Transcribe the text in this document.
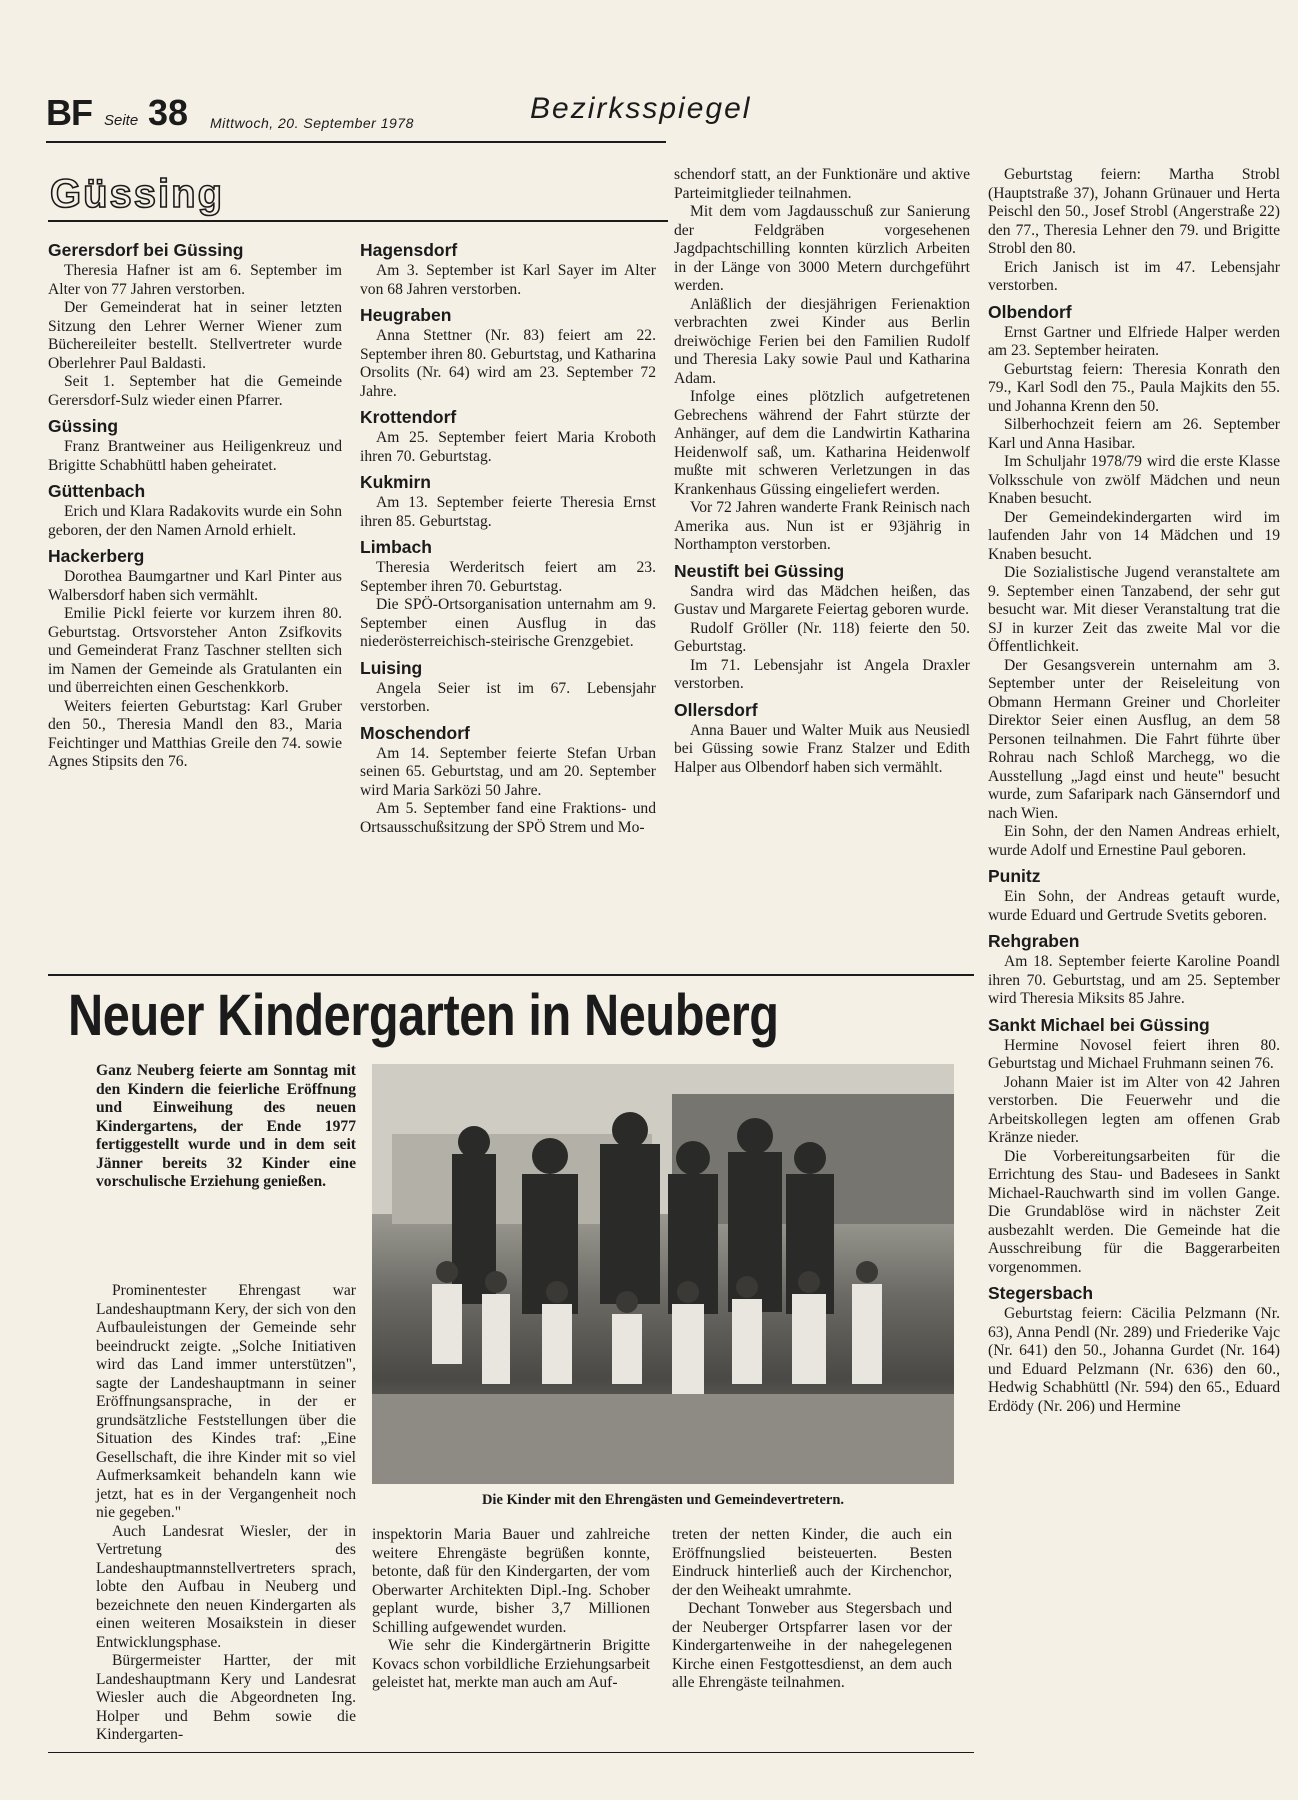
BF Seite 38 Mittwoch, 20. September 1978	Bezirksspiegel
Güssing
Gerersdorf bei Güssing

Theresia Hafner ist am 6. September im Alter von 77 Jahren verstorben.

Der Gemeinderat hat in seiner letzten Sitzung den Lehrer Werner Wiener zum Büchereileiter bestellt. Stellvertreter wurde Oberlehrer Paul Baldasti.

Seit 1. September hat die Gemeinde Gerersdorf-Sulz wieder einen Pfarrer.

Güssing

Franz Brantweiner aus Heiligenkreuz und Brigitte Schabhüttl haben geheiratet.

Güttenbach

Erich und Klara Radakovits wurde ein Sohn geboren, der den Namen Arnold erhielt.

Hackerberg

Dorothea Baumgartner und Karl Pinter aus Walbersdorf haben sich vermählt.

Emilie Pickl feierte vor kurzem ihren 80. Geburtstag. Ortsvorsteher Anton Zsifkovits und Gemeinderat Franz Taschner stellten sich im Namen der Gemeinde als Gratulanten ein und überreichten einen Geschenkkorb.

Weiters feierten Geburtstag: Karl Gruber den 50., Theresia Mandl den 83., Maria Feichtinger und Matthias Greile den 74. sowie Agnes Stipsits den 76.

Hagensdorf

Am 3. September ist Karl Sayer im Alter von 68 Jahren verstorben.

Heugraben

Anna Stettner (Nr. 83) feiert am 22. September ihren 80. Geburtstag, und Katharina Orsolits (Nr. 64) wird am 23. September 72 Jahre.

Krottendorf

Am 25. September feiert Maria Kroboth ihren 70. Geburtstag.

Kukmirn

Am 13. September feierte Theresia Ernst ihren 85. Geburtstag.

Limbach

Theresia Werderitsch feiert am 23. September ihren 70. Geburtstag.

Die SPÖ-Ortsorganisation unternahm am 9. September einen Ausflug in das niederösterreichisch-steirische Grenzgebiet.

Luising

Angela Seier ist im 67. Lebensjahr verstorben.

Moschendorf

Am 14. September feierte Stefan Urban seinen 65. Geburtstag, und am 20. September wird Maria Sarközi 50 Jahre.

Am 5. September fand eine Fraktions- und Ortsausschußsitzung der SPÖ Strem und Mo-

schendorf statt, an der Funktionäre und aktive Parteimitglieder teilnahmen.

Mit dem vom Jagdausschuß zur Sanierung der Feldgräben vorgesehenen Jagdpachtschilling konnten kürzlich Arbeiten in der Länge von 3000 Metern durchgeführt werden.

Anläßlich der diesjährigen Ferienaktion verbrachten zwei Kinder aus Berlin dreiwöchige Ferien bei den Familien Rudolf und Theresia Laky sowie Paul und Katharina Adam.

Infolge eines plötzlich aufgetretenen Gebrechens während der Fahrt stürzte der Anhänger, auf dem die Landwirtin Katharina Heidenwolf saß, um. Katharina Heidenwolf mußte mit schweren Verletzungen in das Krankenhaus Güssing eingeliefert werden.

Vor 72 Jahren wanderte Frank Reinisch nach Amerika aus. Nun ist er 93jährig in Northampton verstorben.

Neustift bei Güssing

Sandra wird das Mädchen heißen, das Gustav und Margarete Feiertag geboren wurde.

Rudolf Gröller (Nr. 118) feierte den 50. Geburtstag.

Im 71. Lebensjahr ist Angela Draxler verstorben.

Ollersdorf

Anna Bauer und Walter Muik aus Neusiedl bei Güssing sowie Franz Stalzer und Edith Halper aus Olbendorf haben sich vermählt.

Geburtstag feiern: Martha Strobl (Hauptstraße 37), Johann Grünauer und Herta Peischl den 50., Josef Strobl (Angerstraße 22) den 77., Theresia Lehner den 79. und Brigitte Strobl den 80.

Erich Janisch ist im 47. Lebensjahr verstorben.

Olbendorf

Ernst Gartner und Elfriede Halper werden am 23. September heiraten.

Geburtstag feiern: Theresia Konrath den 79., Karl Sodl den 75., Paula Majkits den 55. und Johanna Krenn den 50.

Silberhochzeit feiern am 26. September Karl und Anna Hasibar.

Im Schuljahr 1978/79 wird die erste Klasse Volksschule von zwölf Mädchen und neun Knaben besucht.

Der Gemeindekindergarten wird im laufenden Jahr von 14 Mädchen und 19 Knaben besucht.

Die Sozialistische Jugend veranstaltete am 9. September einen Tanzabend, der sehr gut besucht war. Mit dieser Veranstaltung trat die SJ in kurzer Zeit das zweite Mal vor die Öffentlichkeit.

Der Gesangsverein unternahm am 3. September unter der Reiseleitung von Obmann Hermann Greiner und Chorleiter Direktor Seier einen Ausflug, an dem 58 Personen teilnahmen. Die Fahrt führte über Rohrau nach Schloß Marchegg, wo die Ausstellung „Jagd einst und heute" besucht wurde, zum Safaripark nach Gänserndorf und nach Wien.

Ein Sohn, der den Namen Andreas erhielt, wurde Adolf und Ernestine Paul geboren.

Punitz

Ein Sohn, der Andreas getauft wurde, wurde Eduard und Gertrude Svetits geboren.

Rehgraben

Am 18. September feierte Karoline Poandl ihren 70. Geburtstag, und am 25. September wird Theresia Miksits 85 Jahre.

Sankt Michael bei Güssing

Hermine Novosel feiert ihren 80. Geburtstag und Michael Fruhmann seinen 76.

Johann Maier ist im Alter von 42 Jahren verstorben. Die Feuerwehr und die Arbeitskollegen legten am offenen Grab Kränze nieder.

Die Vorbereitungsarbeiten für die Errichtung des Stau- und Badesees in Sankt Michael-Rauchwarth sind im vollen Gange. Die Grundablöse wird in nächster Zeit ausbezahlt werden. Die Gemeinde hat die Ausschreibung für die Baggerarbeiten vorgenommen.

Stegersbach

Geburtstag feiern: Cäcilia Pelzmann (Nr. 63), Anna Pendl (Nr. 289) und Friederike Vajc (Nr. 641) den 50., Johanna Gurdet (Nr. 164) und Eduard Pelzmann (Nr. 636) den 60., Hedwig Schabhüttl (Nr. 594) den 65., Eduard Erdödy (Nr. 206) und Hermine

Neuer Kindergarten in Neuberg
Ganz Neuberg feierte am Sonntag mit den Kindern die feierliche Eröffnung und Einweihung des neuen Kindergartens, der Ende 1977 fertiggestellt wurde und in dem seit Jänner bereits 32 Kinder eine vorschulische Erziehung genießen.
Die Kinder mit den Ehrengästen und Gemeindevertretern.

Prominentester Ehrengast war Landeshauptmann Kery, der sich von den Aufbauleistungen der Gemeinde sehr beeindruckt zeigte. „Solche Initiativen wird das Land immer unterstützen", sagte der Landeshauptmann in seiner Eröffnungsansprache, in der er grundsätzliche Feststellungen über die Situation des Kindes traf: „Eine Gesellschaft, die ihre Kinder mit so viel Aufmerksamkeit behandeln kann wie jetzt, hat es in der Vergangenheit noch nie gegeben."

Auch Landesrat Wiesler, der in Vertretung des Landeshauptmannstellvertreters sprach, lobte den Aufbau in Neuberg und bezeichnete den neuen Kindergarten als einen weiteren Mosaikstein in dieser Entwicklungsphase.

Bürgermeister Hartter, der mit Landeshauptmann Kery und Landesrat Wiesler auch die Abgeordneten Ing. Holper und Behm sowie die Kindergarten-

inspektorin Maria Bauer und zahlreiche weitere Ehrengäste begrüßen konnte, betonte, daß für den Kindergarten, der vom Oberwarter Architekten Dipl.-Ing. Schober geplant wurde, bisher 3,7 Millionen Schilling aufgewendet wurden.

Wie sehr die Kindergärtnerin Brigitte Kovacs schon vorbildliche Erziehungsarbeit geleistet hat, merkte man auch am Auf-

treten der netten Kinder, die auch ein Eröffnungslied beisteuerten. Besten Eindruck hinterließ auch der Kirchenchor, der den Weiheakt umrahmte.

Dechant Tonweber aus Stegersbach und der Neuberger Ortspfarrer lasen vor der Kindergartenweihe in der nahegelegenen Kirche einen Festgottesdienst, an dem auch alle Ehrengäste teilnahmen.
